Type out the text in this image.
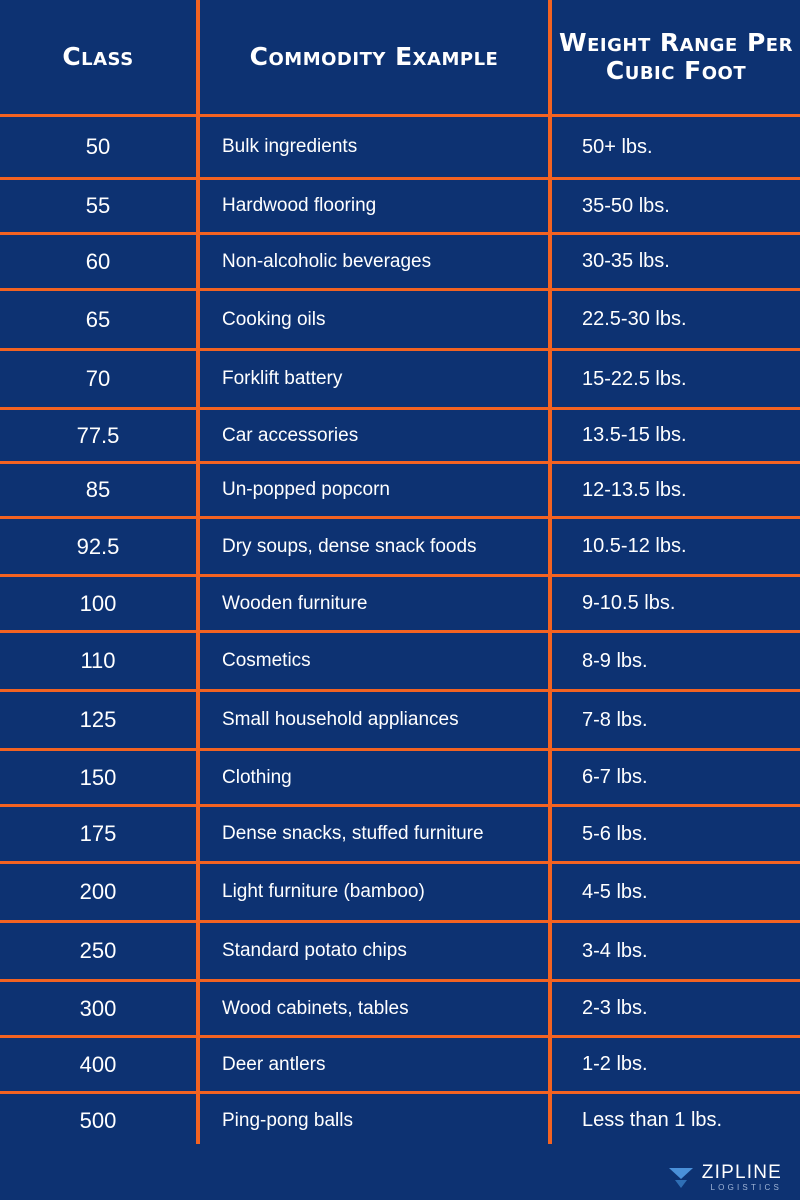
Class	Commodity Example	Weight Range Per Cubic Foot
50	Bulk ingredients	50+ lbs.
55	Hardwood flooring	35-50 lbs.
60	Non-alcoholic beverages	30-35 lbs.
65	Cooking oils	22.5-30 lbs.
70	Forklift battery	15-22.5 lbs.
77.5	Car accessories	13.5-15 lbs.
85	Un-popped popcorn	12-13.5 lbs.
92.5	Dry soups, dense snack foods	10.5-12 lbs.
100	Wooden furniture	9-10.5 lbs.
110	Cosmetics	8-9 lbs.
125	Small household appliances	7-8 lbs.
150	Clothing	6-7 lbs.
175	Dense snacks, stuffed furniture	5-6 lbs.
200	Light furniture (bamboo)	4-5 lbs.
250	Standard potato chips	3-4 lbs.
300	Wood cabinets, tables	2-3 lbs.
400	Deer antlers	1-2 lbs.
500	Ping-pong balls	Less than 1 lbs.
ZIPLINE
LOGISTICS
